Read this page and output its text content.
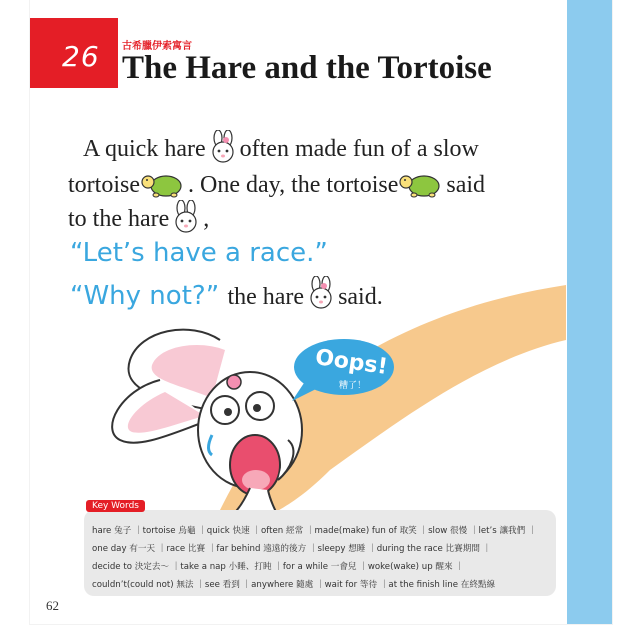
26 古希臘伊索寓言
The Hare and the Tortoise
A quick hare often made fun of a slow
tortoise . One day, the tortoise said
to the hare ,
“Let’s have a race.”
“Why not?” the hare said.
Oops!
糟了！
Key Words
hare 兔子 ｜tortoise 烏龜 ｜quick 快速 ｜often 經常 ｜made(make) fun of 取笑 ｜slow 很慢 ｜let’s 讓我們 ｜
one day 有一天 ｜race 比賽 ｜far behind 遠遠的後方 ｜sleepy 想睡 ｜during the race 比賽期間 ｜
decide to 決定去～ ｜take a nap 小睡、打盹 ｜for a while 一會兒 ｜woke(wake) up 醒來 ｜
couldn’t(could not) 無法 ｜see 看到 ｜anywhere 隨處 ｜wait for 等待 ｜at the finish line 在終點線
62
